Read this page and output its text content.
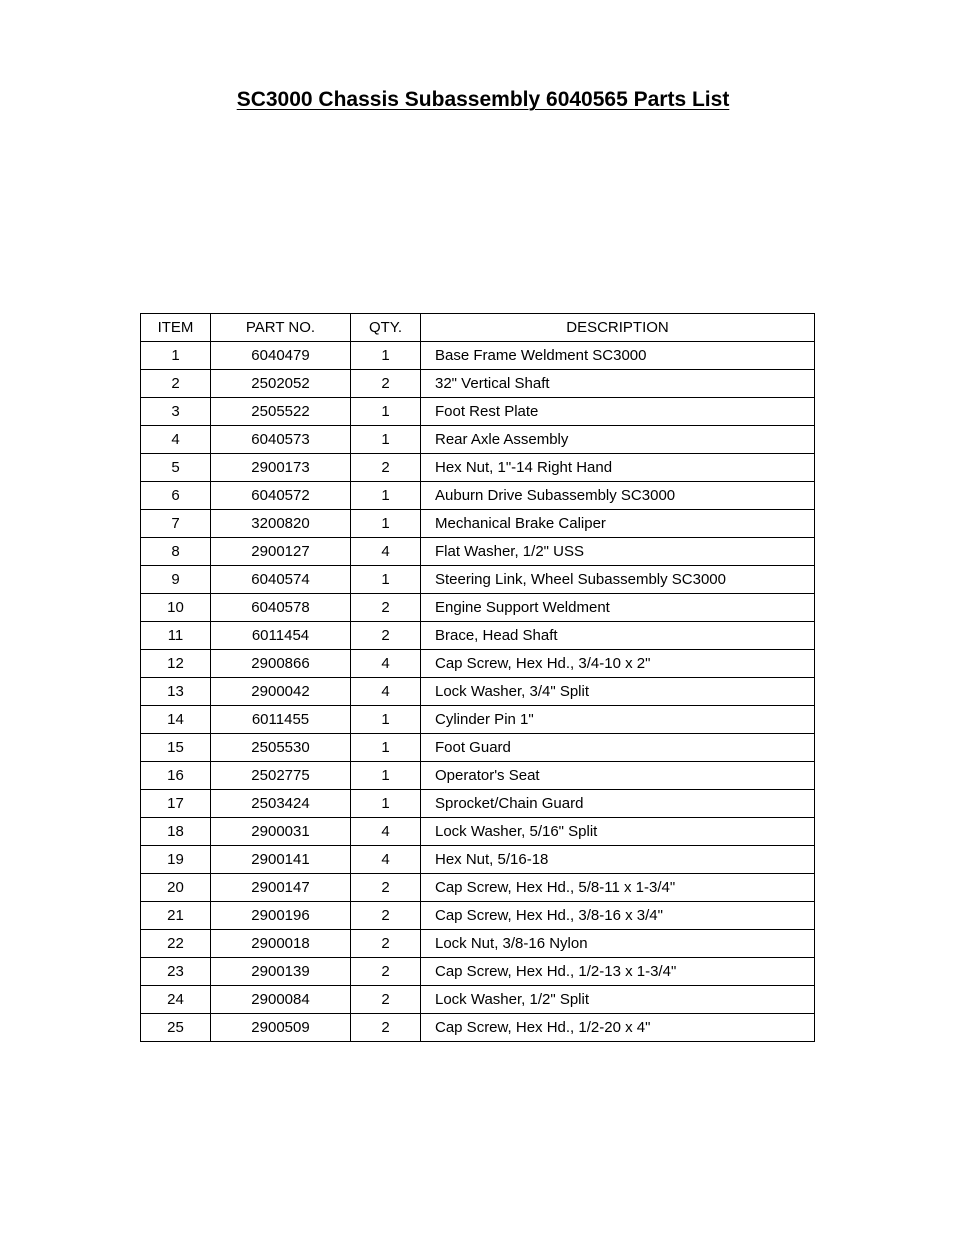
SC3000 Chassis Subassembly 6040565 Parts List
ITEM	PART NO.	QTY.	DESCRIPTION
1	6040479	1	Base Frame Weldment SC3000
2	2502052	2	32" Vertical Shaft
3	2505522	1	Foot Rest Plate
4	6040573	1	Rear Axle Assembly
5	2900173	2	Hex Nut, 1"-14 Right Hand
6	6040572	1	Auburn Drive Subassembly SC3000
7	3200820	1	Mechanical Brake Caliper
8	2900127	4	Flat Washer, 1/2" USS
9	6040574	1	Steering Link, Wheel Subassembly SC3000
10	6040578	2	Engine Support Weldment
11	6011454	2	Brace, Head Shaft
12	2900866	4	Cap Screw, Hex Hd., 3/4-10 x 2"
13	2900042	4	Lock Washer, 3/4" Split
14	6011455	1	Cylinder Pin 1"
15	2505530	1	Foot Guard
16	2502775	1	Operator's Seat
17	2503424	1	Sprocket/Chain Guard
18	2900031	4	Lock Washer, 5/16" Split
19	2900141	4	Hex Nut, 5/16-18
20	2900147	2	Cap Screw, Hex Hd., 5/8-11 x 1-3/4"
21	2900196	2	Cap Screw, Hex Hd., 3/8-16 x 3/4"
22	2900018	2	Lock Nut, 3/8-16 Nylon
23	2900139	2	Cap Screw, Hex Hd., 1/2-13 x 1-3/4"
24	2900084	2	Lock Washer, 1/2" Split
25	2900509	2	Cap Screw, Hex Hd., 1/2-20 x 4"
